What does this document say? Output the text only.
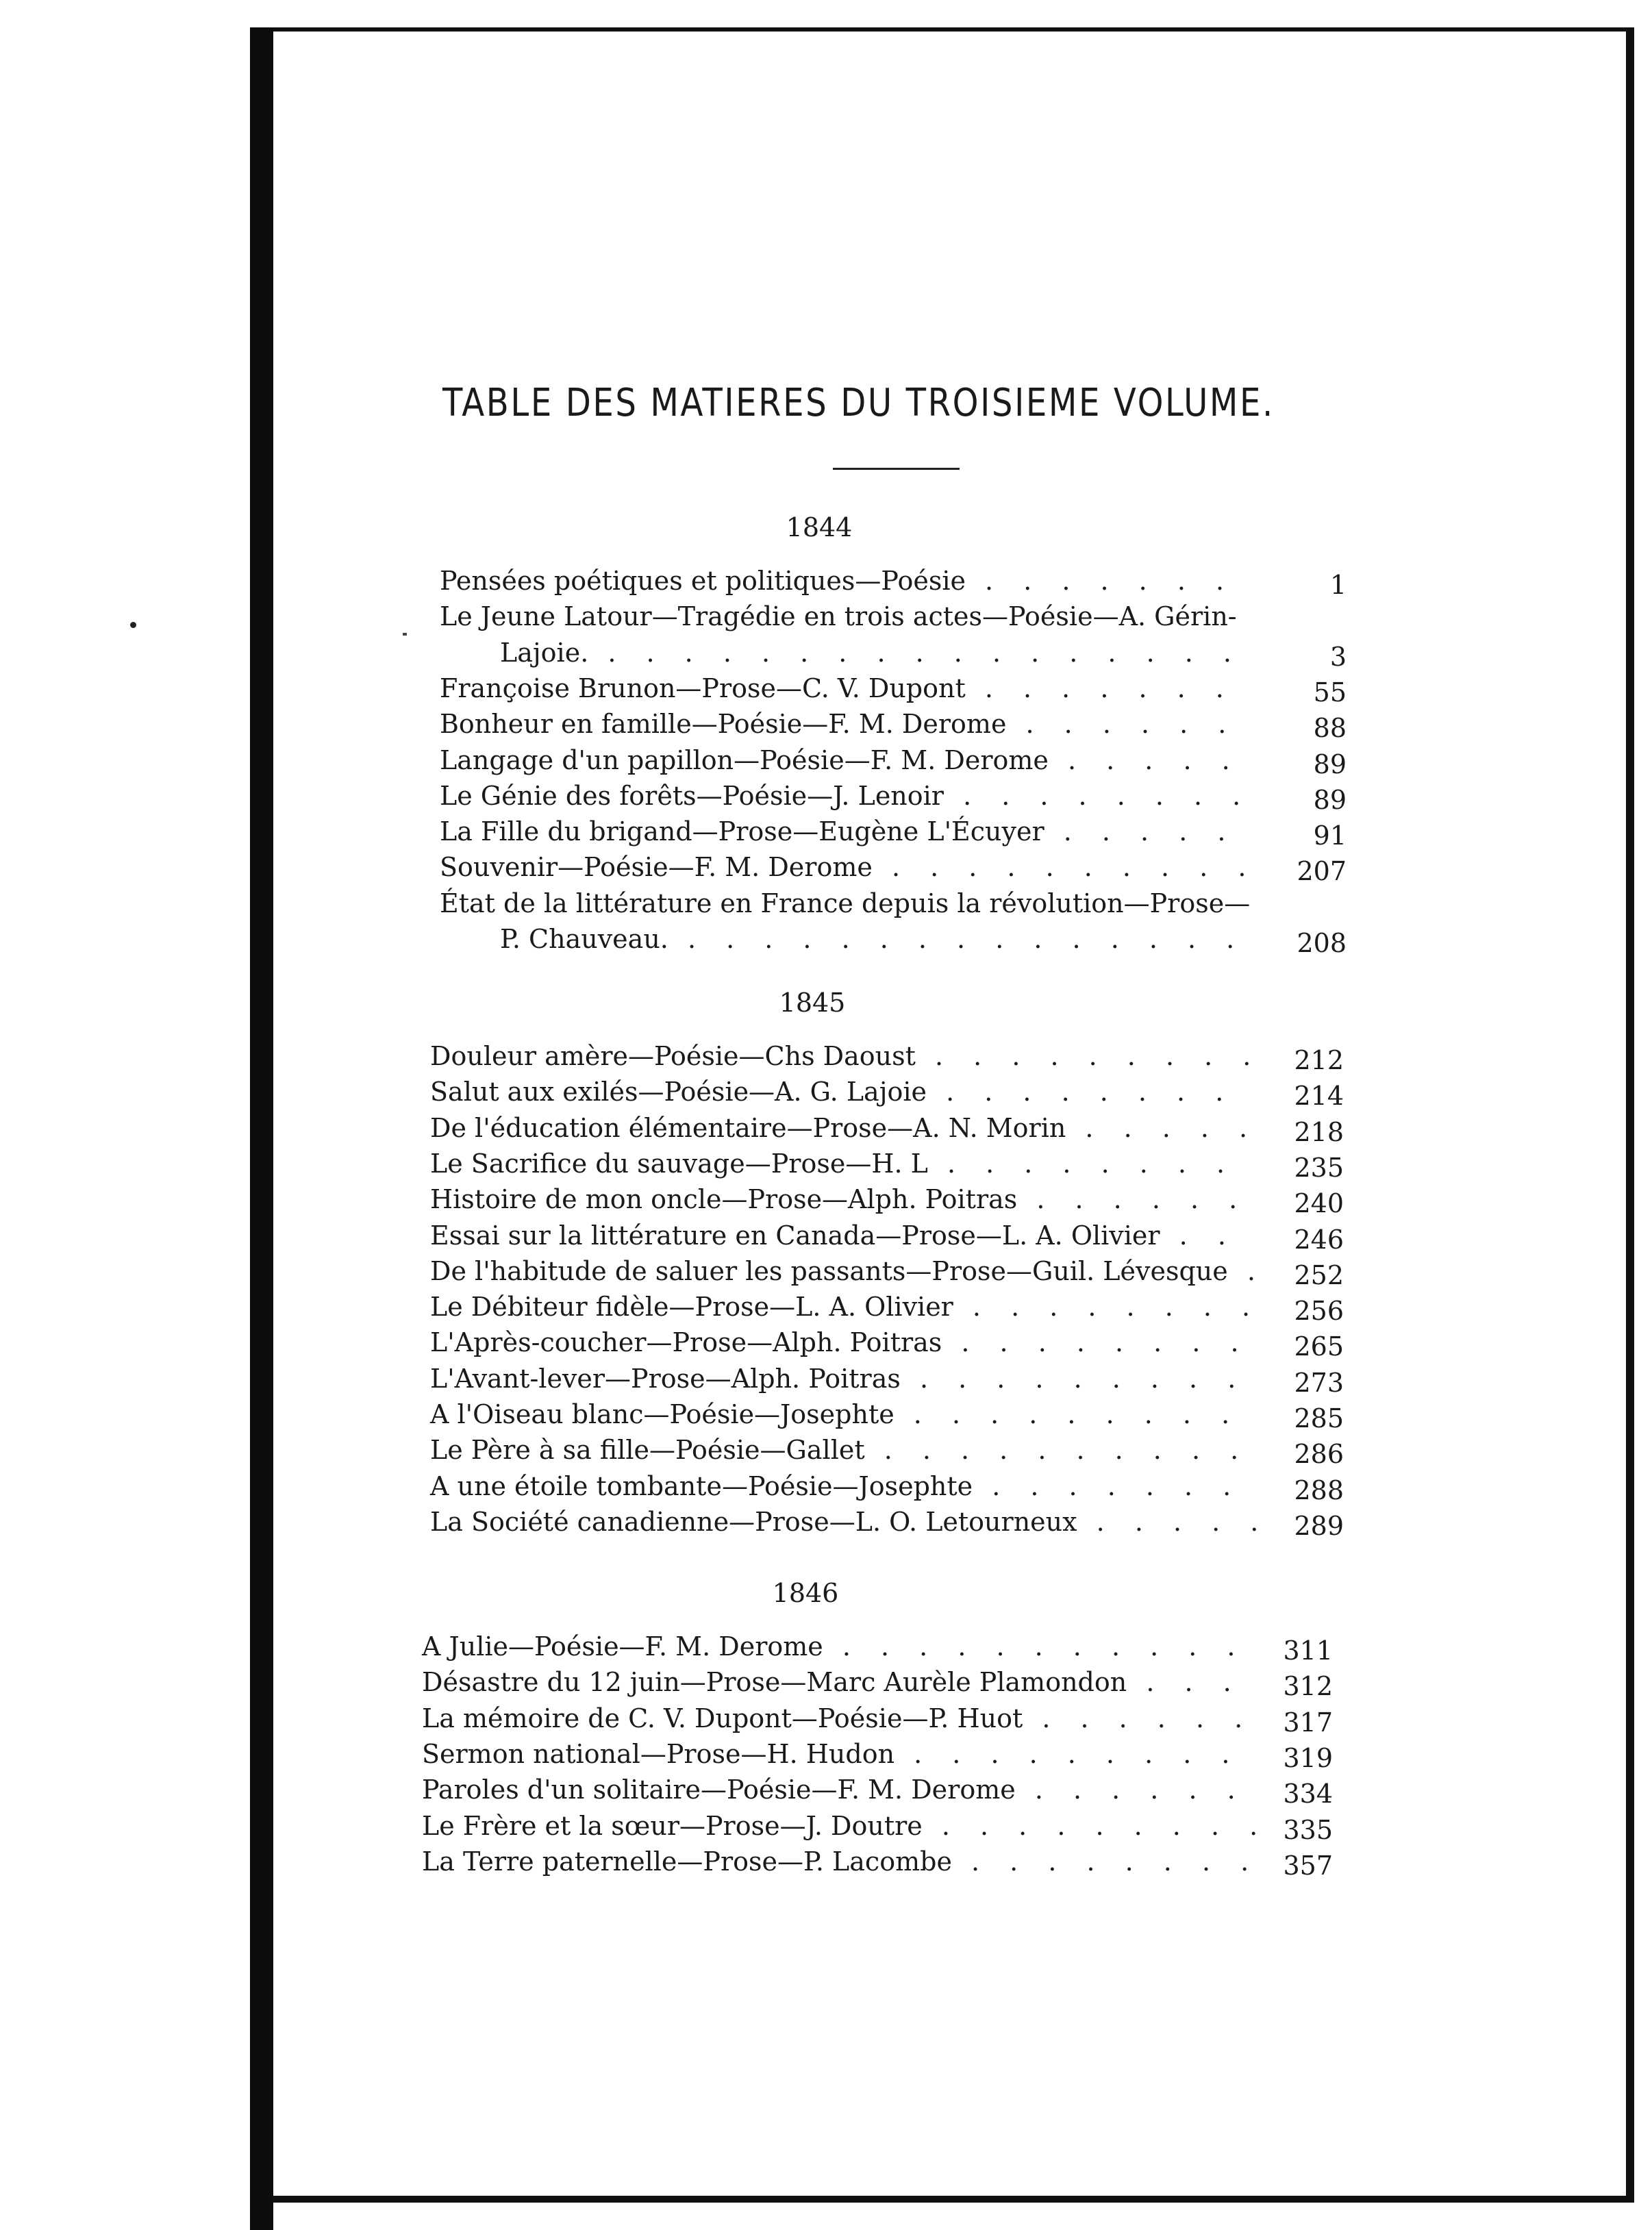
TABLE DES MATIERES DU TROISIEME VOLUME.
1844
Pensées poétiques et politiques—Poésie . . . . . . .	1
Le Jeune Latour—Tragédie en trois actes—Poésie—A. Gérin-
Lajoie. . . . . . . . . . . . . . . . . .	3
Françoise Brunon—Prose—C. V. Dupont . . . . . . .	55
Bonheur en famille—Poésie—F. M. Derome . . . . . .	88
Langage d'un papillon—Poésie—F. M. Derome . . . . .	89
Le Génie des forêts—Poésie—J. Lenoir . . . . . . . .	89
La Fille du brigand—Prose—Eugène L'Écuyer . . . . .	91
Souvenir—Poésie—F. M. Derome . . . . . . . . . . 207
État de la littérature en France depuis la révolution—Prose—
P. Chauveau. . . . . . . . . . . . . . . . 208
1845
Douleur amère—Poésie—Chs Daoust . . . . . . . . . 212
Salut aux exilés—Poésie—A. G. Lajoie . . . . . . . . 214
De l'éducation élémentaire—Prose—A. N. Morin . . . . . 218
Le Sacrifice du sauvage—Prose—H. L . . . . . . . . 235
Histoire de mon oncle—Prose—Alph. Poitras . . . . . . 240
Essai sur la littérature en Canada—Prose—L. A. Olivier . . 246
De l'habitude de saluer les passants—Prose—Guil. Lévesque . 252
Le Débiteur fidèle—Prose—L. A. Olivier . . . . . . . . 256
L'Après-coucher—Prose—Alph. Poitras . . . . . . . . 265
L'Avant-lever—Prose—Alph. Poitras . . . . . . . . . 273
A l'Oiseau blanc—Poésie—Josephte . . . . . . . . . 285
Le Père à sa fille—Poésie—Gallet . . . . . . . . . . 286
A une étoile tombante—Poésie—Josephte . . . . . . . 288
La Société canadienne—Prose—L. O. Letourneux . . . . . 289
1846
A Julie—Poésie—F. M. Derome . . . . . . . . . . . 311
Désastre du 12 juin—Prose—Marc Aurèle Plamondon . . . 312
La mémoire de C. V. Dupont—Poésie—P. Huot . . . . . . 317
Sermon national—Prose—H. Hudon . . . . . . . . . 319
Paroles d'un solitaire—Poésie—F. M. Derome . . . . . . 334
Le Frère et la sœur—Prose—J. Doutre . . . . . . . . . 335
La Terre paternelle—Prose—P. Lacombe . . . . . . . . 357
